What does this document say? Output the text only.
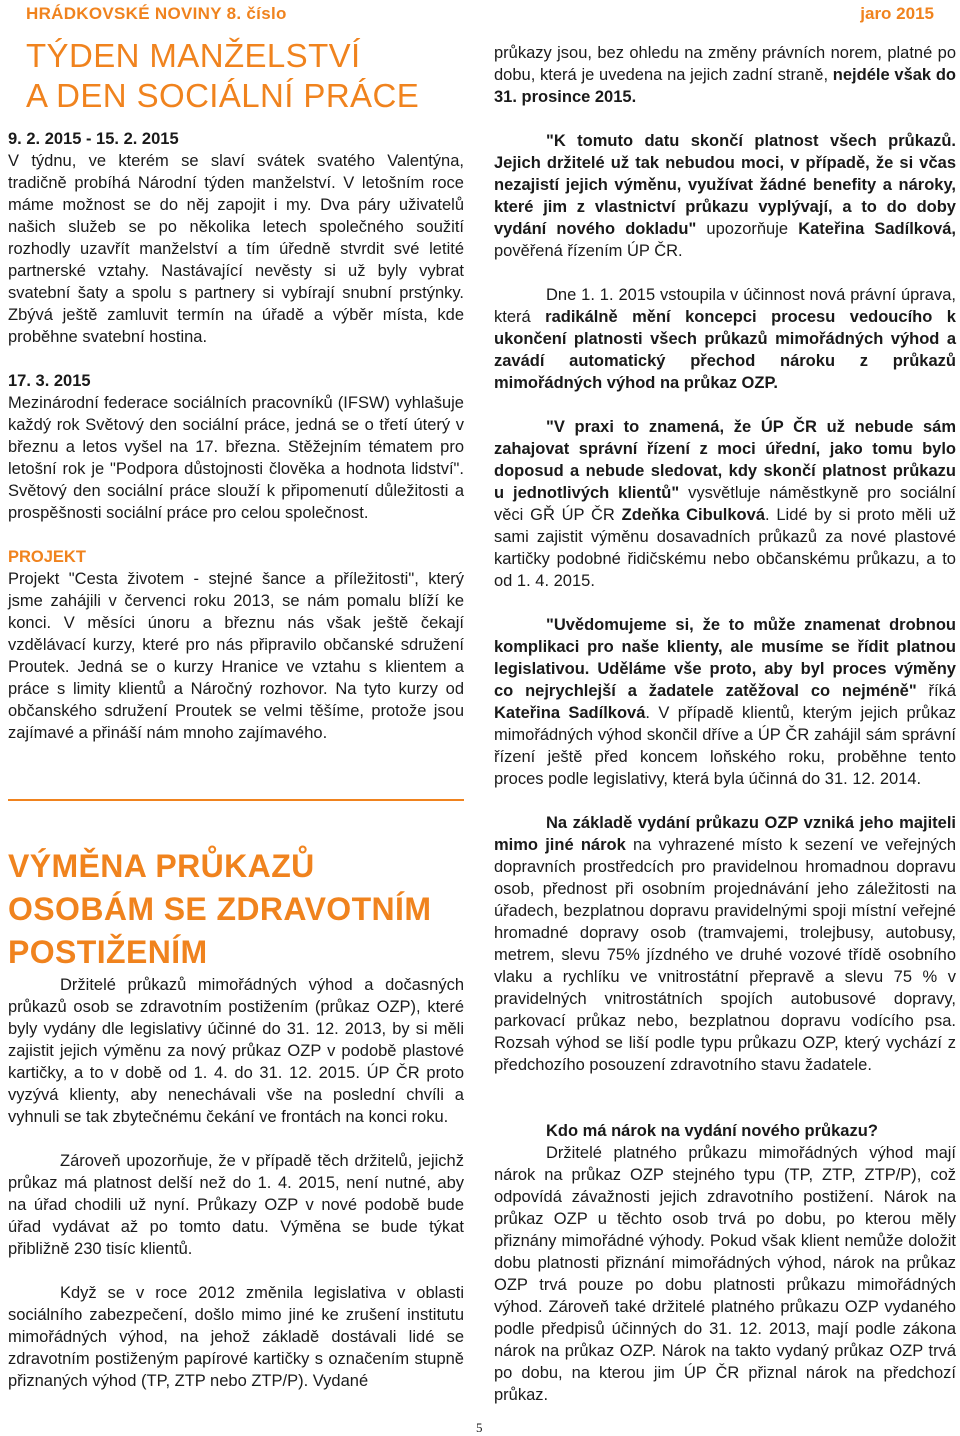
HRÁDKOVSKÉ NOVINY 8. číslo	jaro 2015
TÝDEN MANŽELSTVÍ
A DEN SOCIÁLNÍ PRÁCE

9. 2. 2015 - 15. 2. 2015

V týdnu, ve kterém se slaví svátek svatého Valentýna, tradičně probíhá Národní týden manželství. V letošním roce máme možnost se do něj zapojit i my. Dva páry uživatelů našich služeb se po několika letech společného soužití rozhodly uzavřít manželství a tím úředně stvrdit své letité partnerské vztahy. Nastávající nevěsty si už byly vybrat svatební šaty a spolu s partnery si vybírají snubní prstýnky. Zbývá ještě zamluvit termín na úřadě a výběr místa, kde proběhne svatební hostina.

17. 3. 2015

Mezinárodní federace sociálních pracovníků (IFSW) vyhlašuje každý rok Světový den sociální práce, jedná se o třetí úterý v březnu a letos vyšel na 17. března. Stěžejním tématem pro letošní rok je "Podpora důstojnosti člověka a hodnota lidství". Světový den sociální práce slouží k připomenutí důležitosti a prospěšnosti sociální práce pro celou společnost.

PROJEKT

Projekt "Cesta životem - stejné šance a příležitosti", který jsme zahájili v červenci roku 2013, se nám pomalu blíží ke konci. V měsíci únoru a březnu nás však ještě čekají vzdělávací kurzy, které pro nás připravilo občanské sdružení Proutek. Jedná se o kurzy Hranice ve vztahu s klientem a práce s limity klientů a Náročný rozhovor. Na tyto kurzy od občanského sdružení Proutek se velmi těšíme, protože jsou zajímavé a přináší nám mnoho zajímavého.

VÝMĚNA PRŮKAZŮ
OSOBÁM SE ZDRAVOTNÍM
POSTIŽENÍM

Držitelé průkazů mimořádných výhod a dočasných průkazů osob se zdravotním postižením (průkaz OZP), které byly vydány dle legislativy účinné do 31. 12. 2013, by si měli zajistit jejich výměnu za nový průkaz OZP v podobě plastové kartičky, a to v době od 1. 4. do 31. 12. 2015. ÚP ČR proto vyzývá klienty, aby nenechávali vše na poslední chvíli a vyhnuli se tak zbytečnému čekání ve frontách na konci roku.

Zároveň upozorňuje, že v případě těch držitelů, jejichž průkaz má platnost delší než do 1. 4. 2015, není nutné, aby na úřad chodili už nyní. Průkazy OZP v nové podobě bude úřad vydávat až po tomto datu. Výměna se bude týkat přibližně 230 tisíc klientů.

Když se v roce 2012 změnila legislativa v oblasti sociálního zabezpečení, došlo mimo jiné ke zrušení institutu mimořádných výhod, na jehož základě dostávali lidé se zdravotním postiženým papírové kartičky s označením stupně přiznaných výhod (TP, ZTP nebo ZTP/P). Vydané

průkazy jsou, bez ohledu na změny právních norem, platné po dobu, která je uvedena na jejich zadní straně, nejdéle však do 31. prosince 2015.

"K tomuto datu skončí platnost všech průkazů. Jejich držitelé už tak nebudou moci, v případě, že si včas nezajistí jejich výměnu, využívat žádné benefity a nároky, které jim z vlastnictví průkazu vyplývají, a to do doby vydání nového dokladu" upozorňuje Kateřina Sadílková, pověřená řízením ÚP ČR.

Dne 1. 1. 2015 vstoupila v účinnost nová právní úprava, která radikálně mění koncepci procesu vedoucího k ukončení platnosti všech průkazů mimořádných výhod a zavádí automatický přechod nároku z průkazů mimořádných výhod na průkaz OZP.

"V praxi to znamená, že ÚP ČR už nebude sám zahajovat správní řízení z moci úřední, jako tomu bylo doposud a nebude sledovat, kdy skončí platnost průkazu u jednotlivých klientů" vysvětluje náměstkyně pro sociální věci GŘ ÚP ČR Zdeňka Cibulková. Lidé by si proto měli už sami zajistit výměnu dosavadních průkazů za nové plastové kartičky podobné řidičskému nebo občanskému průkazu, a to od 1. 4. 2015.

"Uvědomujeme si, že to může znamenat drobnou komplikaci pro naše klienty, ale musíme se řídit platnou legislativou. Uděláme vše proto, aby byl proces výměny co nejrychlejší a žadatele zatěžoval co nejméně" říká Kateřina Sadílková. V případě klientů, kterým jejich průkaz mimořádných výhod skončil dříve a ÚP ČR zahájil sám správní řízení ještě před koncem loňského roku, proběhne tento proces podle legislativy, která byla účinná do 31. 12. 2014.

Na základě vydání průkazu OZP vzniká jeho majiteli mimo jiné nárok na vyhrazené místo k sezení ve veřejných dopravních prostředcích pro pravidelnou hromadnou dopravu osob, přednost při osobním projednávání jeho záležitosti na úřadech, bezplatnou dopravu pravidelnými spoji místní veřejné hromadné dopravy osob (tramvajemi, trolejbusy, autobusy, metrem, slevu 75% jízdného ve druhé vozové třídě osobního vlaku a rychlíku ve vnitrostátní přepravě a slevu 75 % v pravidelných vnitrostátních spojích autobusové dopravy, parkovací průkaz nebo, bezplatnou dopravu vodícího psa. Rozsah výhod se liší podle typu průkazu OZP, který vychází z předchozího posouzení zdravotního stavu žadatele.

Kdo má nárok na vydání nového průkazu?

Držitelé platného průkazu mimořádných výhod mají nárok na průkaz OZP stejného typu (TP, ZTP, ZTP/P), což odpovídá závažnosti jejich zdravotního postižení. Nárok na průkaz OZP u těchto osob trvá po dobu, po kterou měly přiznány mimořádné výhody. Pokud však klient nemůže doložit dobu platnosti přiznání mimořádných výhod, nárok na průkaz OZP trvá pouze po dobu platnosti průkazu mimořádných výhod. Zároveň také držitelé platného průkazu OZP vydaného podle předpisů účinných do 31. 12. 2013, mají podle zákona nárok na průkaz OZP. Nárok na takto vydaný průkaz OZP trvá po dobu, na kterou jim ÚP ČR přiznal nárok na předchozí průkaz.

5
